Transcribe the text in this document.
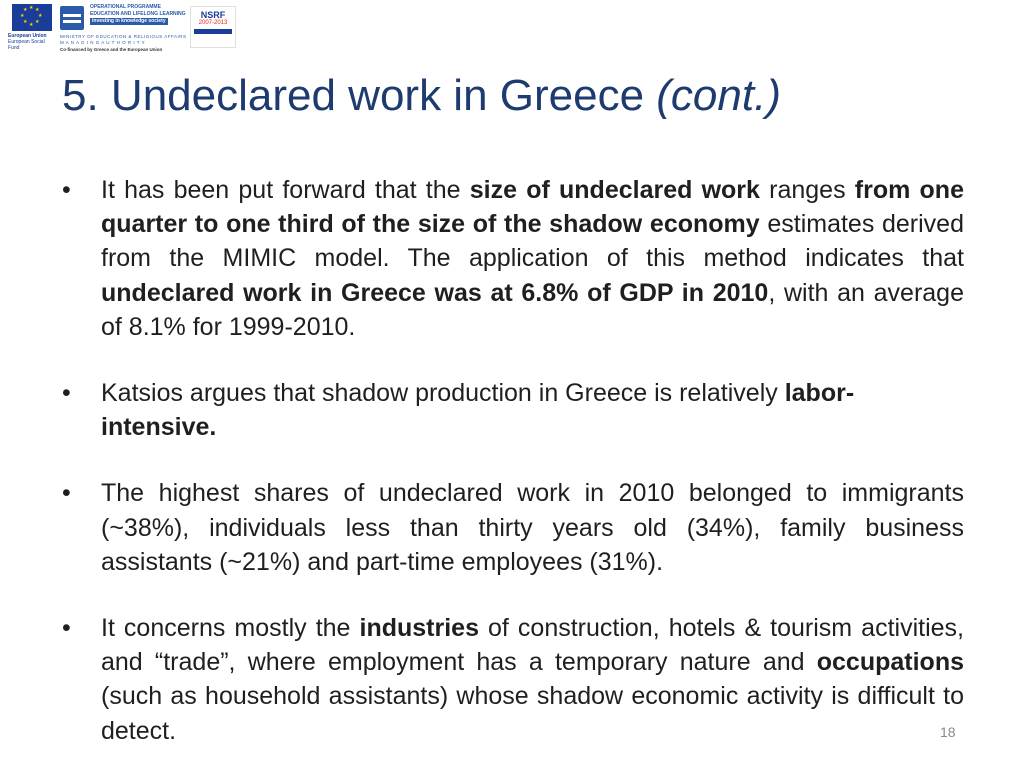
★ ★
★
★
★
★
★
★
European Union
European Social Fund
OPERATIONAL PROGRAMME
EDUCATION AND LIFELONG LEARNING
investing in knowledge society
MINISTRY OF EDUCATION & RELIGIOUS AFFAIRS
M A N A G I N G A U T H O R I T Y
Co-financed by Greece and the European Union
NSRF
2007-2013
5. Undeclared work in Greece (cont.)
• It has been put forward that the size of undeclared work ranges from one quarter to one third of the size of the shadow economy estimates derived from the MIMIC model. The application of this method indicates that undeclared work in Greece was at 6.8% of GDP in 2010, with an average of 8.1% for 1999-2010.
• Katsios argues that shadow production in Greece is relatively labor-intensive.
• The highest shares of undeclared work in 2010 belonged to immigrants (~38%), individuals less than thirty years old (34%), family business assistants (~21%) and part-time employees (31%).
• It concerns mostly the industries of construction, hotels & tourism activities, and “trade”, where employment has a temporary nature and occupations (such as household assistants) whose shadow economic activity is difficult to detect.	18
